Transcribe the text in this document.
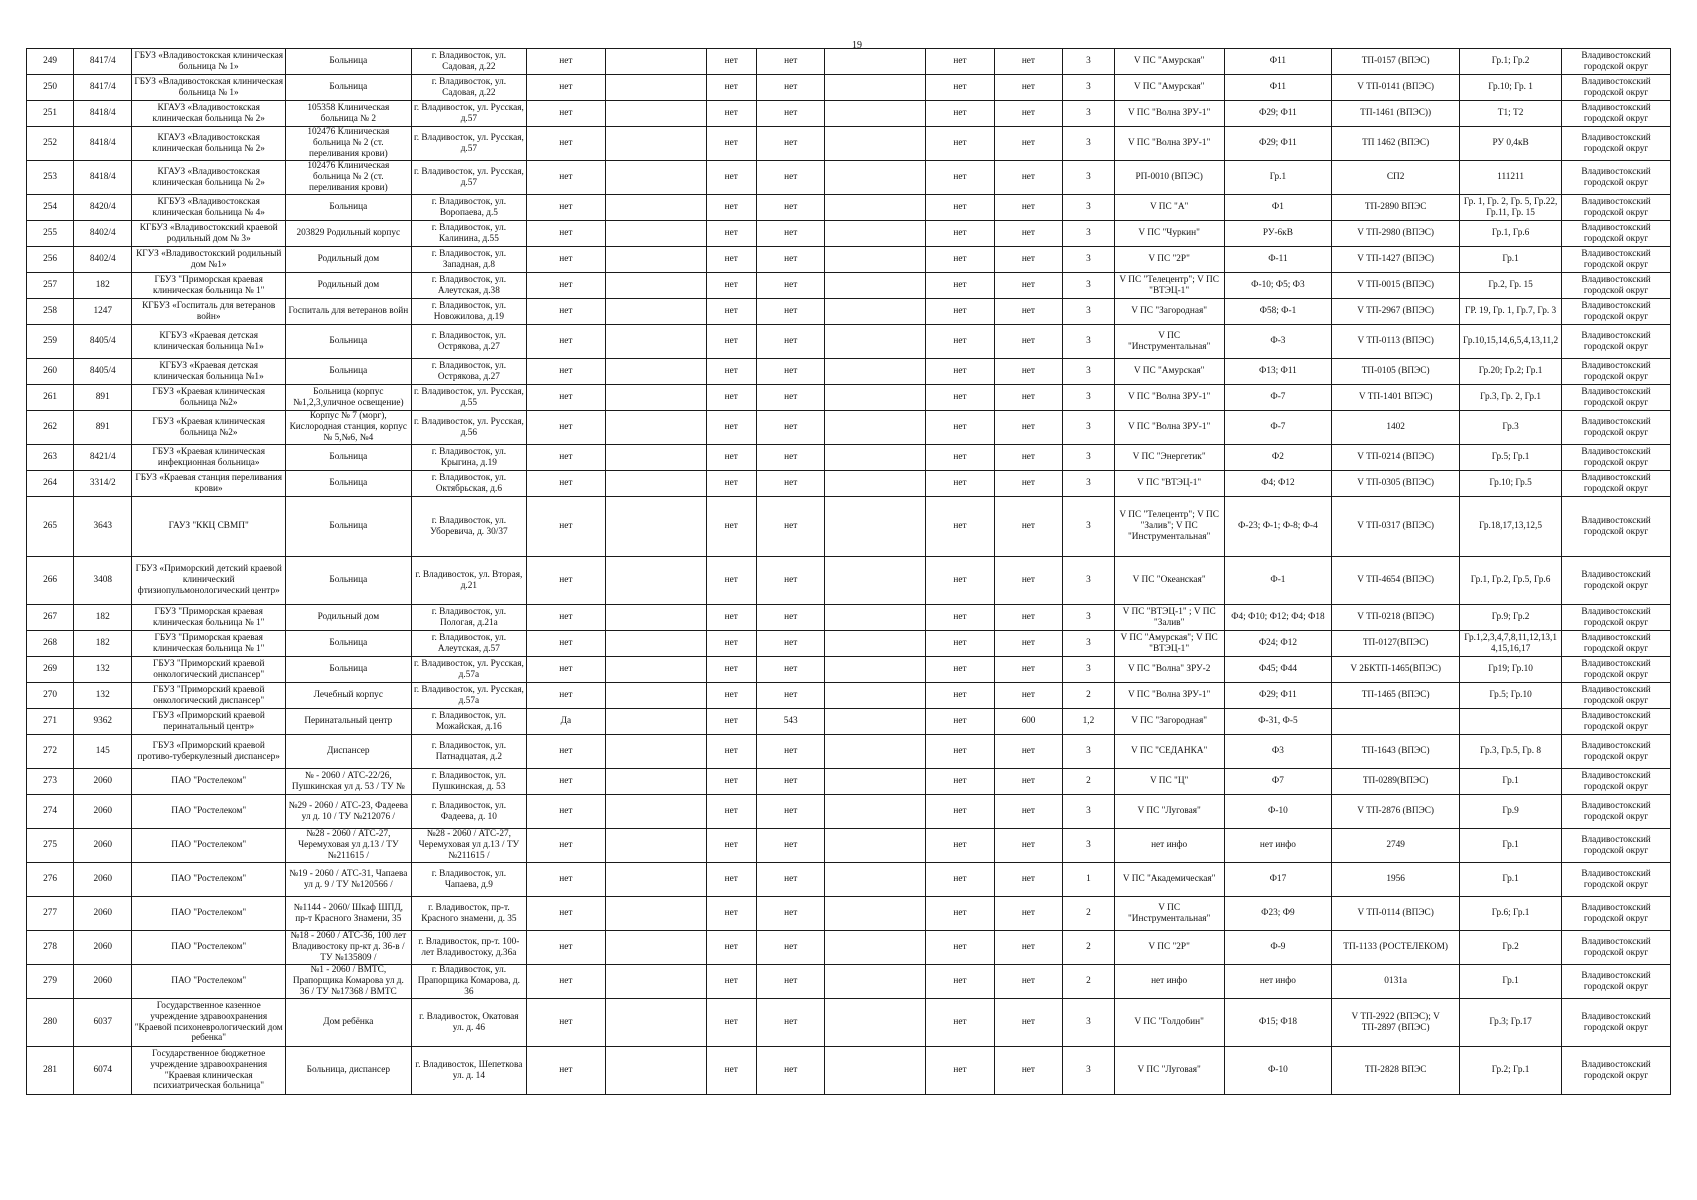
19
249	8417/4	ГБУЗ «Владивостокская клиническая больница № 1»	Больница	г. Владивосток, ул. Садовая, д.22	нет		нет	нет		нет	нет	3	V ПС "Амурская"	Ф11	ТП-0157 (ВПЭС)	Гр.1; Гр.2	Владивостокский городской округ
250	8417/4	ГБУЗ «Владивостокская клиническая больница № 1»	Больница	г. Владивосток, ул. Садовая, д.22	нет		нет	нет		нет	нет	3	V ПС "Амурская"	Ф11	V ТП-0141 (ВПЭС)	Гр.10; Гр. 1	Владивостокский городской округ
251	8418/4	КГАУЗ «Владивостокская клиническая больница № 2»	105358 Клиническая больница № 2	г. Владивосток, ул. Русская, д.57	нет		нет	нет		нет	нет	3	V ПС "Волна ЗРУ-1"	Ф29; Ф11	ТП-1461 (ВПЭС))	Т1; Т2	Владивостокский городской округ
252	8418/4	КГАУЗ «Владивостокская клиническая больница № 2»	102476 Клиническая больница № 2 (ст. переливания крови)	г. Владивосток, ул. Русская, д.57	нет		нет	нет		нет	нет	3	V ПС "Волна ЗРУ-1"	Ф29; Ф11	ТП 1462 (ВПЭС)	РУ 0,4кВ	Владивостокский городской округ
253	8418/4	КГАУЗ «Владивостокская клиническая больница № 2»	102476 Клиническая больница № 2 (ст. переливания крови)	г. Владивосток, ул. Русская, д.57	нет		нет	нет		нет	нет	3	РП-0010 (ВПЭС)	Гр.1	СП2	111211	Владивостокский городской округ
254	8420/4	КГБУЗ «Владивостокская клиническая больница № 4»	Больница	г. Владивосток, ул. Воропаева, д.5	нет		нет	нет		нет	нет	3	V ПС "А"	Ф1	ТП-2890 ВПЭС	Гр. 1, Гр. 2, Гр. 5, Гр.22, Гр.11, Гр. 15	Владивостокский городской округ
255	8402/4	КГБУЗ «Владивостокский краевой родильный дом № 3»	203829 Родильный корпус	г. Владивосток, ул. Калинина, д.55	нет		нет	нет		нет	нет	3	V ПС "Чуркин"	РУ-6кВ	V ТП-2980 (ВПЭС)	Гр.1, Гр.6	Владивостокский городской округ
256	8402/4	КГУЗ «Владивостокский родильный дом №1»	Родильный дом	г. Владивосток, ул. Западная, д.8	нет		нет	нет		нет	нет	3	V ПС "2Р"	Ф-11	V ТП-1427 (ВПЭС)	Гр.1	Владивостокский городской округ
257	182	ГБУЗ "Приморская краевая клиническая больница № 1"	Родильный дом	г. Владивосток, ул. Алеутская, д.38	нет		нет	нет		нет	нет	3	V ПС "Телецентр"; V ПС "ВТЭЦ-1"	Ф-10; Ф5; Ф3	V ТП-0015 (ВПЭС)	Гр.2, Гр. 15	Владивостокский городской округ
258	1247	КГБУЗ «Госпиталь для ветеранов войн»	Госпиталь для ветеранов войн	г. Владивосток, ул. Новожилова, д.19	нет		нет	нет		нет	нет	3	V ПС "Загородная"	Ф58; Ф-1	V ТП-2967 (ВПЭС)	ГР. 19, Гр. 1, Гр.7, Гр. 3	Владивостокский городской округ
259	8405/4	КГБУЗ «Краевая детская клиническая больница №1»	Больница	г. Владивосток, ул. Острякова, д.27	нет		нет	нет		нет	нет	3	V ПС "Инструментальная"	Ф-3	V ТП-0113 (ВПЭС)	Гр.10,15,14,6,5,4,13,11,2	Владивостокский городской округ
260	8405/4	КГБУЗ «Краевая детская клиническая больница №1»	Больница	г. Владивосток, ул. Острякова, д.27	нет		нет	нет		нет	нет	3	V ПС "Амурская"	Ф13; Ф11	ТП-0105 (ВПЭС)	Гр.20; Гр.2; Гр.1	Владивостокский городской округ
261	891	ГБУЗ «Краевая клиническая больница №2»	Больница (корпус №1,2,3,уличное освещение)	г. Владивосток, ул. Русская, д.55	нет		нет	нет		нет	нет	3	V ПС "Волна ЗРУ-1"	Ф-7	V ТП-1401 ВПЭС)	Гр.3, Гр. 2, Гр.1	Владивостокский городской округ
262	891	ГБУЗ «Краевая клиническая больница №2»	Корпус № 7 (морг), Кислородная станция, корпус № 5,№6, №4	г. Владивосток, ул. Русская, д.56	нет		нет	нет		нет	нет	3	V ПС "Волна ЗРУ-1"	Ф-7	1402	Гр.3	Владивостокский городской округ
263	8421/4	ГБУЗ «Краевая клиническая инфекционная больница»	Больница	г. Владивосток, ул. Крыгина, д.19	нет		нет	нет		нет	нет	3	V ПС "Энергетик"	Ф2	V ТП-0214 (ВПЭС)	Гр.5; Гр.1	Владивостокский городской округ
264	3314/2	ГБУЗ «Краевая станция переливания крови»	Больница	г. Владивосток, ул. Октябрьская, д.6	нет		нет	нет		нет	нет	3	V ПС "ВТЭЦ-1"	Ф4; Ф12	V ТП-0305 (ВПЭС)	Гр.10; Гр.5	Владивостокский городской округ
265	3643	ГАУЗ "ККЦ СВМП"	Больница	г. Владивосток, ул. Уборевича, д. 30/37	нет		нет	нет		нет	нет	3	V ПС "Телецентр"; V ПС "Залив"; V ПС "Инструментальная"	Ф-23; Ф-1; Ф-8; Ф-4	V ТП-0317 (ВПЭС)	Гр.18,17,13,12,5	Владивостокский городской округ
266	3408	ГБУЗ «Приморский детский краевой клинический фтизиопульмонологический центр»	Больница	г. Владивосток, ул. Вторая, д.21	нет		нет	нет		нет	нет	3	V ПС "Океанская"	Ф-1	V ТП-4654 (ВПЭС)	Гр.1, Гр.2, Гр.5, Гр.6	Владивостокский городской округ
267	182	ГБУЗ "Приморская краевая клиническая больница № 1"	Родильный дом	г. Владивосток, ул. Пологая, д.21а	нет		нет	нет		нет	нет	3	V ПС "ВТЭЦ-1" ; V ПС "Залив"	Ф4; Ф10; Ф12; Ф4; Ф18	V ТП-0218 (ВПЭС)	Гр.9; Гр.2	Владивостокский городской округ
268	182	ГБУЗ "Приморская краевая клиническая больница № 1"	Больница	г. Владивосток, ул. Алеутская, д.57	нет		нет	нет		нет	нет	3	V ПС "Амурская"; V ПС "ВТЭЦ-1"	Ф24; Ф12	ТП-0127(ВПЭС)	Гр.1,2,3,4,7,8,11,12,13,14,15,16,17	Владивостокский городской округ
269	132	ГБУЗ "Приморский краевой онкологический диспансер"	Больница	г. Владивосток, ул. Русская, д.57а	нет		нет	нет		нет	нет	3	V ПС "Волна" ЗРУ-2	Ф45; Ф44	V 2БКТП-1465(ВПЭС)	Гр19; Гр.10	Владивостокский городской округ
270	132	ГБУЗ "Приморский краевой онкологический диспансер"	Лечебный корпус	г. Владивосток, ул. Русская, д.57а	нет		нет	нет		нет	нет	2	V ПС "Волна ЗРУ-1"	Ф29; Ф11	ТП-1465 (ВПЭС)	Гр.5; Гр.10	Владивостокский городской округ
271	9362	ГБУЗ «Приморский краевой перинатальный центр»	Перинатальный центр	г. Владивосток, ул. Можайская, д.16	Да		нет	543		нет	600	1,2	V ПС "Загородная"	Ф-31, Ф-5			Владивостокский городской округ
272	145	ГБУЗ «Приморский краевой противо-туберкулезный диспансер»	Диспансер	г. Владивосток, ул. Патнадцатая, д.2	нет		нет	нет		нет	нет	3	V ПС "СЕДАНКА"	Ф3	ТП-1643 (ВПЭС)	Гр.3, Гр.5, Гр. 8	Владивостокский городской округ
273	2060	ПАО "Ростелеком"	№ - 2060 / АТС-22/26, Пушкинская ул д. 53 / ТУ №	г. Владивосток, ул. Пушкинская, д. 53	нет		нет	нет		нет	нет	2	V ПС "Ц"	Ф7	ТП-0289(ВПЭС)	Гр.1	Владивостокский городской округ
274	2060	ПАО "Ростелеком"	№29 - 2060 / АТС-23, Фадеева ул д. 10 / ТУ №212076 /	г. Владивосток, ул. Фадеева, д. 10	нет		нет	нет		нет	нет	3	V ПС "Луговая"	Ф-10	V ТП-2876 (ВПЭС)	Гр.9	Владивостокский городской округ
275	2060	ПАО "Ростелеком"	№28 - 2060 / АТС-27, Черемуховая ул д.13 / ТУ №211615 /	№28 - 2060 / АТС-27, Черемуховая ул д.13 / ТУ №211615 /	нет		нет	нет		нет	нет	3	нет инфо	нет инфо	2749	Гр.1	Владивостокский городской округ
276	2060	ПАО "Ростелеком"	№19 - 2060 / АТС-31, Чапаева ул д. 9 / ТУ №120566 /	г. Владивосток, ул. Чапаева, д.9	нет		нет	нет		нет	нет	1	V ПС "Академическая"	Ф17	1956	Гр.1	Владивостокский городской округ
277	2060	ПАО "Ростелеком"	№1144 - 2060/ Шкаф ШПД, пр-т Красного Знамени, 35	г. Владивосток, пр-т. Красного знамени, д. 35	нет		нет	нет		нет	нет	2	V ПС "Инструментальная"	Ф23; Ф9	V ТП-0114 (ВПЭС)	Гр.6; Гр.1	Владивостокский городской округ
278	2060	ПАО "Ростелеком"	№18 - 2060 / АТС-36, 100 лет Владивостоку пр-кт д. 36-в / ТУ №135809 /	г. Владивосток, пр-т. 100-лет Владивостоку, д.36а	нет		нет	нет		нет	нет	2	V ПС "2Р"	Ф-9	ТП-1133 (РОСТЕЛЕКОМ)	Гр.2	Владивостокский городской округ
279	2060	ПАО "Ростелеком"	№1 - 2060 / ВМТС, Прапорщика Комарова ул д. 36 / ТУ №17368 / ВМТС	г. Владивосток, ул. Прапорщика Комарова, д. 36	нет		нет	нет		нет	нет	2	нет инфо	нет инфо	0131а	Гр.1	Владивостокский городской округ
280	6037	Государственное казенное учреждение здравоохранения "Краевой психоневрологический дом ребенка"	Дом ребёнка	г. Владивосток, Окатовая ул. д. 46	нет		нет	нет		нет	нет	3	V ПС "Голдобин"	Ф15; Ф18	V ТП-2922 (ВПЭС); V ТП-2897 (ВПЭС)	Гр.3; Гр.17	Владивостокский городской округ
281	6074	Государственное бюджетное учреждение здравоохранения "Краевая клиническая психиатрическая больница"	Больница, диспансер	г. Владивосток, Шепеткова ул. д. 14	нет		нет	нет		нет	нет	3	V ПС "Луговая"	Ф-10	ТП-2828 ВПЭС	Гр.2; Гр.1	Владивостокский городской округ
